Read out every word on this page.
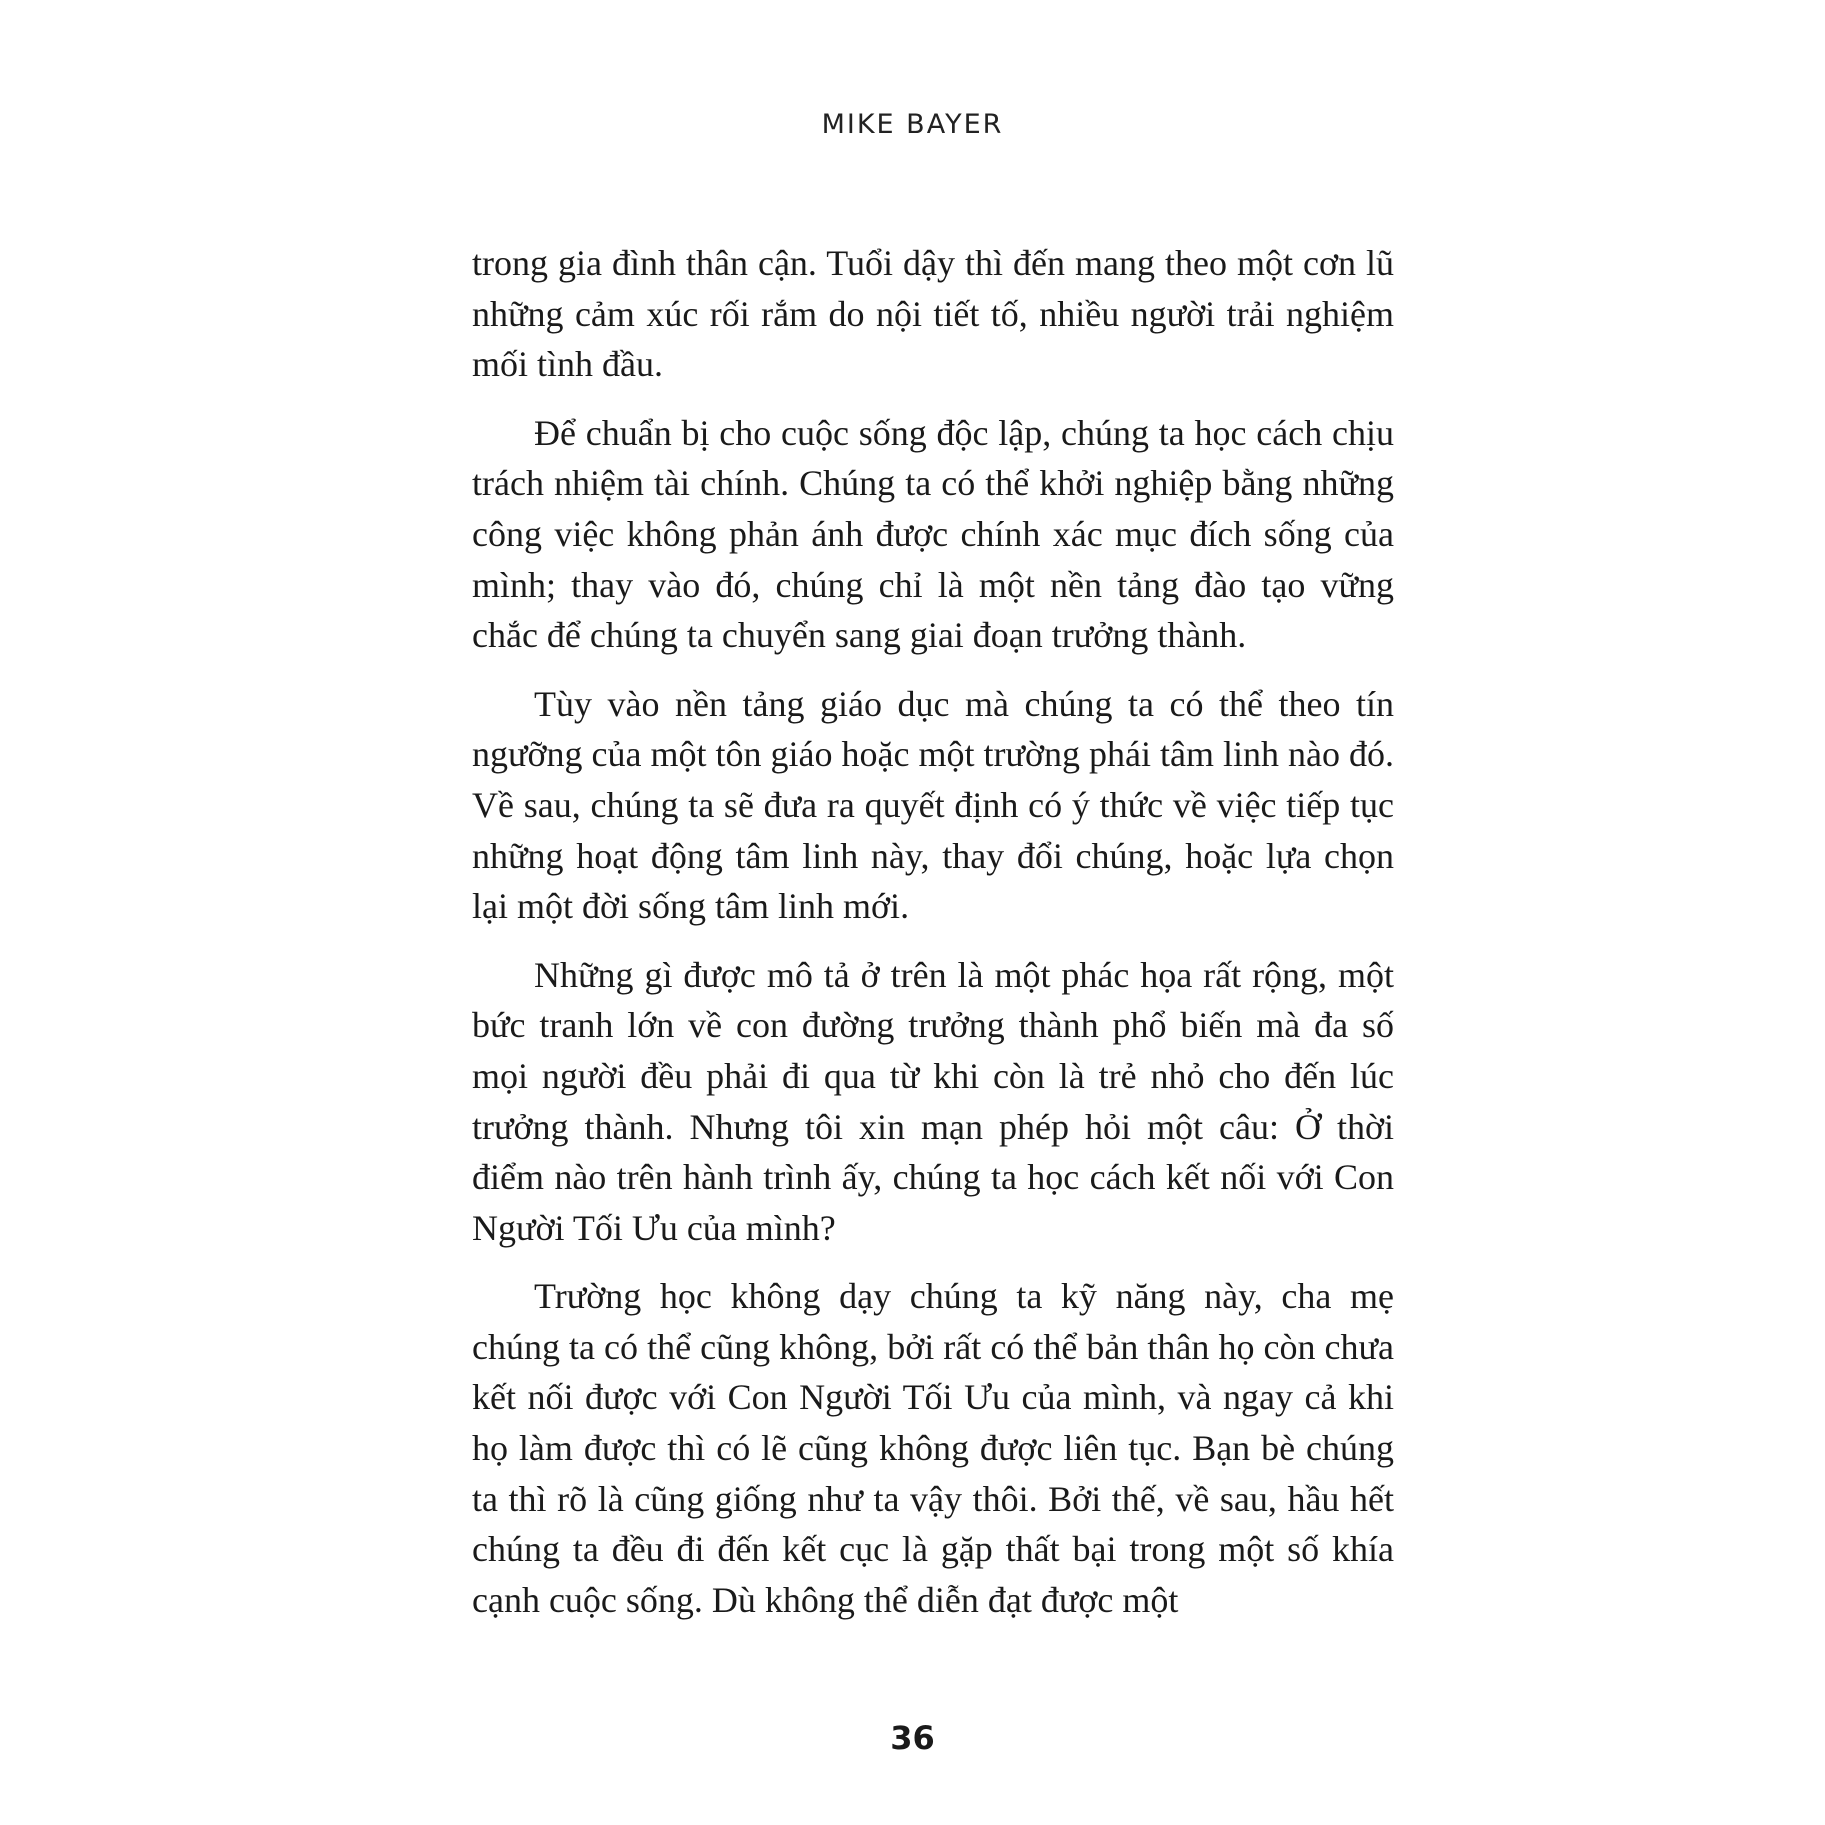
MIKE BAYER

trong gia đình thân cận. Tuổi dậy thì đến mang theo một cơn lũ những cảm xúc rối rắm do nội tiết tố, nhiều người trải nghiệm mối tình đầu.

Để chuẩn bị cho cuộc sống độc lập, chúng ta học cách chịu trách nhiệm tài chính. Chúng ta có thể khởi nghiệp bằng những công việc không phản ánh được chính xác mục đích sống của mình; thay vào đó, chúng chỉ là một nền tảng đào tạo vững chắc để chúng ta chuyển sang giai đoạn trưởng thành.

Tùy vào nền tảng giáo dục mà chúng ta có thể theo tín ngưỡng của một tôn giáo hoặc một trường phái tâm linh nào đó. Về sau, chúng ta sẽ đưa ra quyết định có ý thức về việc tiếp tục những hoạt động tâm linh này, thay đổi chúng, hoặc lựa chọn lại một đời sống tâm linh mới.

Những gì được mô tả ở trên là một phác họa rất rộng, một bức tranh lớn về con đường trưởng thành phổ biến mà đa số mọi người đều phải đi qua từ khi còn là trẻ nhỏ cho đến lúc trưởng thành. Nhưng tôi xin mạn phép hỏi một câu: Ở thời điểm nào trên hành trình ấy, chúng ta học cách kết nối với Con Người Tối Ưu của mình?

Trường học không dạy chúng ta kỹ năng này, cha mẹ chúng ta có thể cũng không, bởi rất có thể bản thân họ còn chưa kết nối được với Con Người Tối Ưu của mình, và ngay cả khi họ làm được thì có lẽ cũng không được liên tục. Bạn bè chúng ta thì rõ là cũng giống như ta vậy thôi. Bởi thế, về sau, hầu hết chúng ta đều đi đến kết cục là gặp thất bại trong một số khía cạnh cuộc sống. Dù không thể diễn đạt được một

36
